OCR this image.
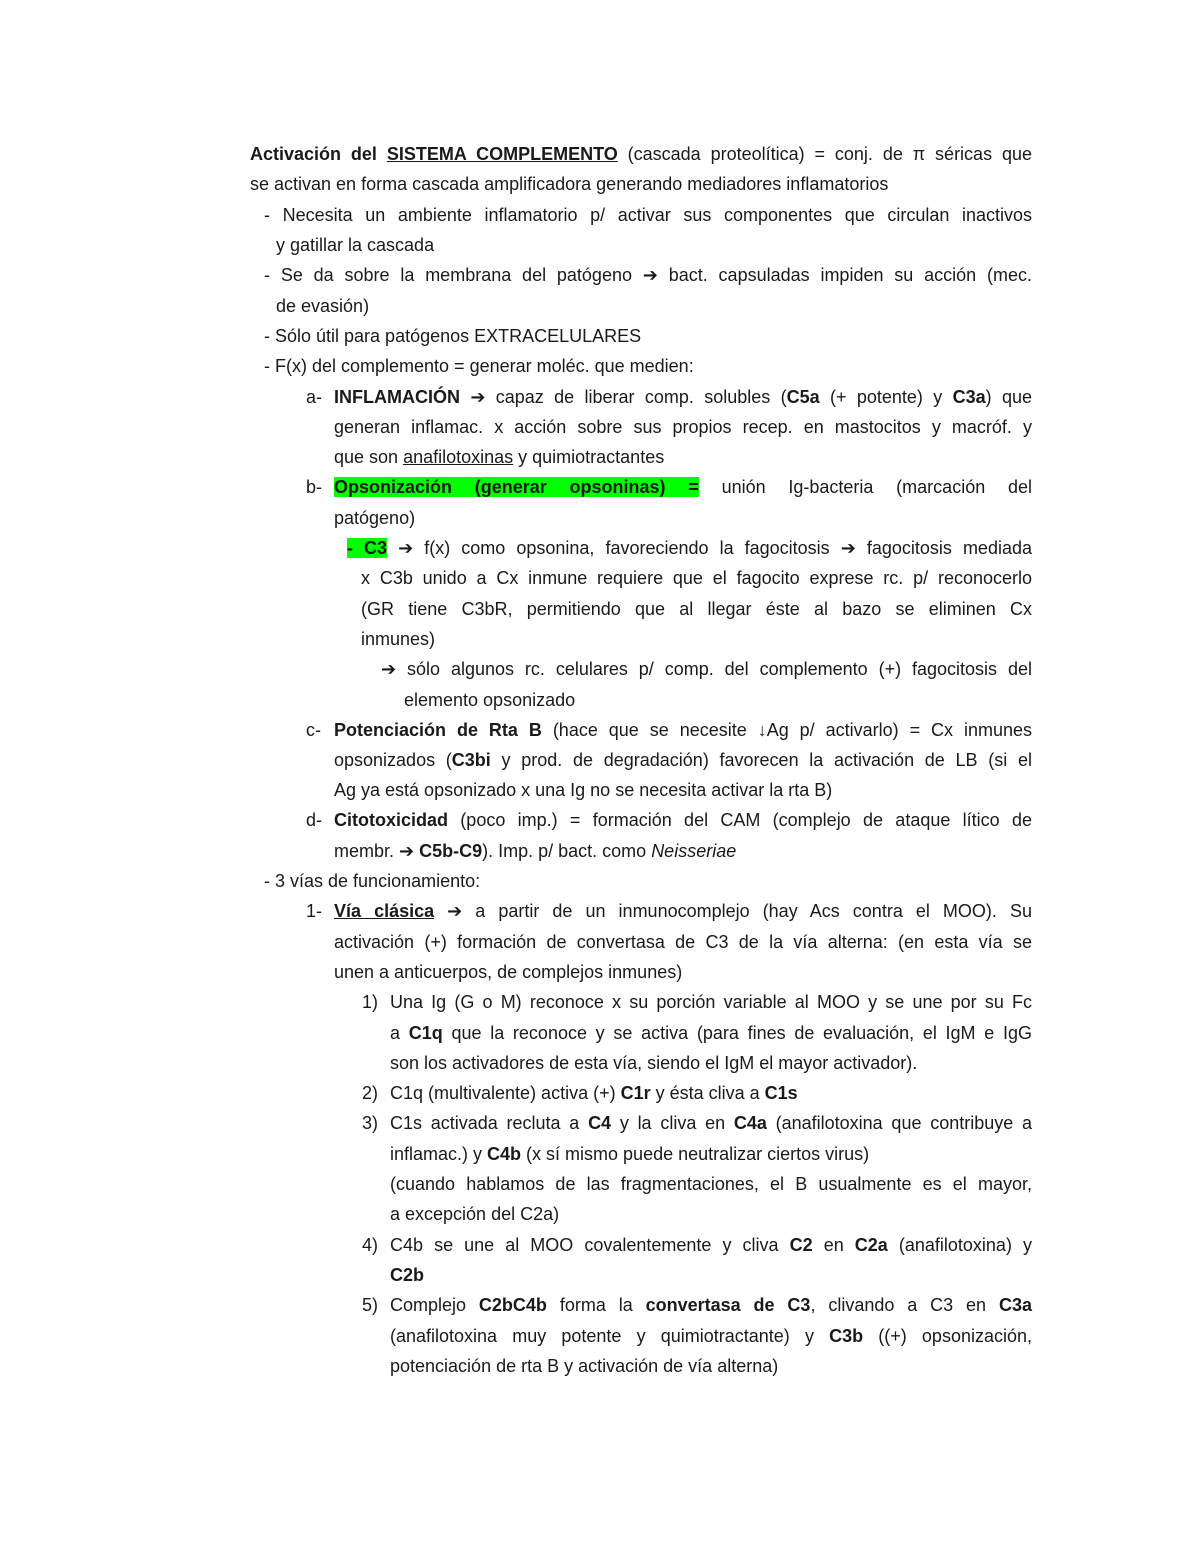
Activación del SISTEMA COMPLEMENTO (cascada proteolítica) = conj. de π séricas que
se activan en forma cascada amplificadora generando mediadores inflamatorios
- Necesita un ambiente inflamatorio p/ activar sus componentes que circulan inactivos
y gatillar la cascada
- Se da sobre la membrana del patógeno ➔ bact. capsuladas impiden su acción (mec.
de evasión)
- Sólo útil para patógenos EXTRACELULARES
- F(x) del complemento = generar moléc. que medien:
a- INFLAMACIÓN ➔ capaz de liberar comp. solubles (C5a (+ potente) y C3a) que
generan inflamac. x acción sobre sus propios recep. en mastocitos y macróf. y
que son anafilotoxinas y quimiotractantes
b- Opsonización (generar opsoninas) = unión Ig-bacteria (marcación del
patógeno)
- C3 ➔ f(x) como opsonina, favoreciendo la fagocitosis ➔ fagocitosis mediada
x C3b unido a Cx inmune requiere que el fagocito exprese rc. p/ reconocerlo
(GR tiene C3bR, permitiendo que al llegar éste al bazo se eliminen Cx
inmunes)
➔ sólo algunos rc. celulares p/ comp. del complemento (+) fagocitosis del
elemento opsonizado
c- Potenciación de Rta B (hace que se necesite ↓Ag p/ activarlo) = Cx inmunes
opsonizados (C3bi y prod. de degradación) favorecen la activación de LB (si el
Ag ya está opsonizado x una Ig no se necesita activar la rta B)
d- Citotoxicidad (poco imp.) = formación del CAM (complejo de ataque lítico de
membr. ➔ C5b-C9). Imp. p/ bact. como Neisseriae
- 3 vías de funcionamiento:
1- Vía clásica ➔ a partir de un inmunocomplejo (hay Acs contra el MOO). Su
activación (+) formación de convertasa de C3 de la vía alterna: (en esta vía se
unen a anticuerpos, de complejos inmunes)
1) Una Ig (G o M) reconoce x su porción variable al MOO y se une por su Fc
a C1q que la reconoce y se activa (para fines de evaluación, el IgM e IgG
son los activadores de esta vía, siendo el IgM el mayor activador).
2) C1q (multivalente) activa (+) C1r y ésta cliva a C1s
3) C1s activada recluta a C4 y la cliva en C4a (anafilotoxina que contribuye a
inflamac.) y C4b (x sí mismo puede neutralizar ciertos virus)
(cuando hablamos de las fragmentaciones, el B usualmente es el mayor,
a excepción del C2a)
4) C4b se une al MOO covalentemente y cliva C2 en C2a (anafilotoxina) y
C2b
5) Complejo C2bC4b forma la convertasa de C3, clivando a C3 en C3a
(anafilotoxina muy potente y quimiotractante) y C3b ((+) opsonización,
potenciación de rta B y activación de vía alterna)
